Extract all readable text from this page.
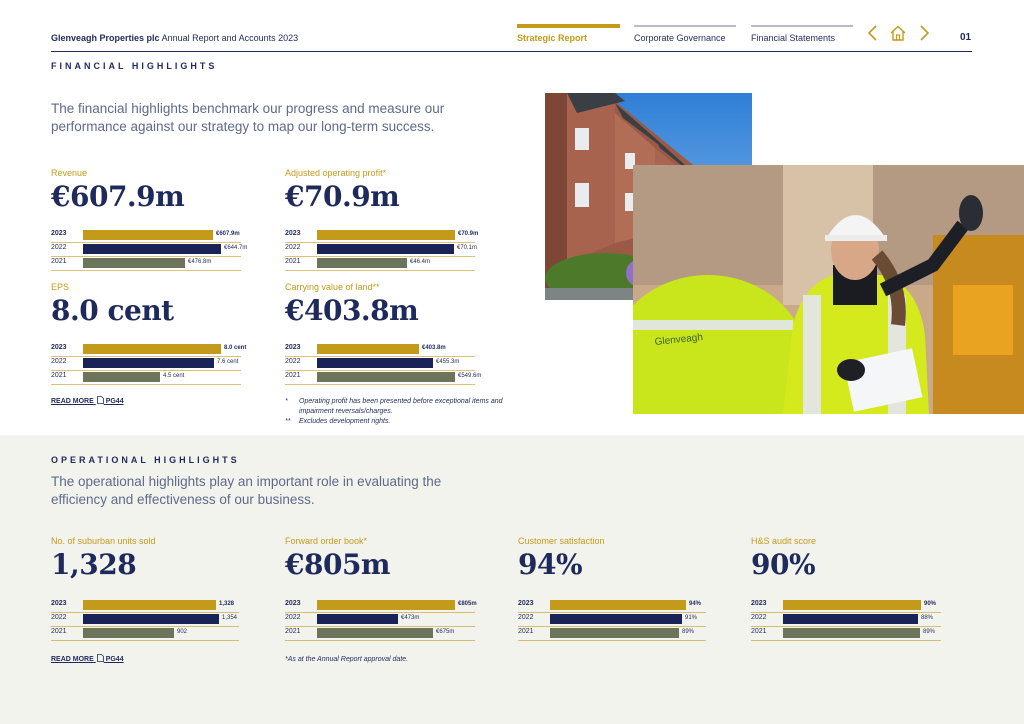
Glenveagh Properties plc Annual Report and Accounts 2023	Strategic Report	Corporate Governance	Financial Statements	01
FINANCIAL HIGHLIGHTS
The financial highlights benchmark our progress and measure our performance against our strategy to map our long-term success.
Revenue
€607.9m
2023	€607.9m
2022	€644.7m
2021	€476.8m
Adjusted operating profit*
€70.9m
2023	€70.9m
2022	€70.1m
2021	€46.4m
EPS
8.0 cent
2023	8.0 cent
2022	7.6 cent
2021	4.5 cent
Carrying value of land**
€403.8m
2023	€403.8m
2022	€455.3m
2021	€549.6m
READ MORE PG44	*	Operating profit has been presented before exceptional items and impairment reversals/charges.
**	Excludes development rights.
Glenveagh
OPERATIONAL HIGHLIGHTS
The operational highlights play an important role in evaluating the efficiency and effectiveness of our business.
No. of suburban units sold
1,328
2023	1,328
2022	1,354
2021	902
Forward order book*
€805m
2023	€805m
2022	€473m
2021	€675m
Customer satisfaction
94%
2023	94%
2022	91%
2021	89%
H&S audit score
90%
2023	90%
2022	88%
2021	89%
READ MORE PG44	*As at the Annual Report approval date.
